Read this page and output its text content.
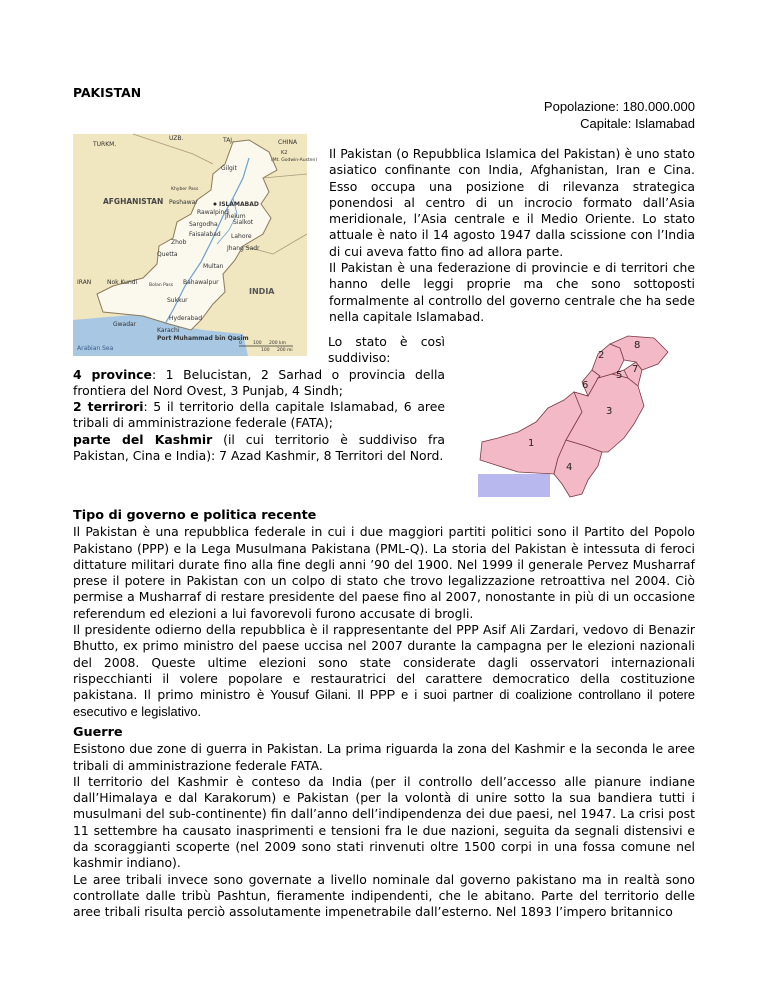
PAKISTAN
Popolazione: 180.000.000
Capitale: Islamabad
TURKM.
UZB.	TAJ.	CHINA
K2
(Mt. Godwin-Austen)
AFGHANISTAN
IRAN
INDIA
Arabian Sea
Gilgit
Khyber Pass
Peshawar	ISLAMABAD
Rawalpindi
Jhelum
Sialkot
Sargodha
Lahore
Faisalabad
Zhob
Quetta
Jhang Sadr
Multan
Nok Kundi	Bolan Pass Bahawalpur
Sukkur
Gwadar
Hyderabad
Karachi
Port Muhammad bin Qasim
0 100 200 km
100 200 mi
Il Pakistan (o Repubblica Islamica del Pakistan) è uno stato asiatico confinante con India, Afghanistan, Iran e Cina. Esso occupa una posizione di rilevanza strategica ponendosi al centro di un incrocio formato dall’Asia meridionale, l’Asia centrale e il Medio Oriente. Lo stato attuale è nato il 14 agosto 1947 dalla scissione con l’India di cui aveva fatto fino ad allora parte.
Il Pakistan è una federazione di provincie e di territori che hanno delle leggi proprie ma che sono sottoposti formalmente al controllo del governo centrale che ha sede nella capitale Islamabad.
Lo stato è così
suddiviso:
4 province: 1 Belucistan, 2 Sarhad o provincia della frontiera del Nord Ovest, 3 Punjab, 4 Sindh;
2 terrirori: 5 il territorio della capitale Islamabad, 6 aree tribali di amministrazione federale (FATA);
parte del Kashmir (il cui territorio è suddiviso fra Pakistan, Cina e India): 7 Azad Kashmir, 8 Territori del Nord.
1
2
3
4
5
6
7
8

Tipo di governo e politica recente

Il Pakistan è una repubblica federale in cui i due maggiori partiti politici sono il Partito del Popolo Pakistano (PPP) e la Lega Musulmana Pakistana (PML-Q). La storia del Pakistan è intessuta di feroci dittature militari durate fino alla fine degli anni ’90 del 1900. Nel 1999 il generale Pervez Musharraf prese il potere in Pakistan con un colpo di stato che trovo legalizzazione retroattiva nel 2004. Ciò permise a Musharraf di restare presidente del paese fino al 2007, nonostante in più di un occasione referendum ed elezioni a lui favorevoli furono accusate di brogli.

Il presidente odierno della repubblica è il rappresentante del PPP Asif Ali Zardari, vedovo di Benazir Bhutto, ex primo ministro del paese uccisa nel 2007 durante la campagna per le elezioni nazionali del 2008. Queste ultime elezioni sono state considerate dagli osservatori internazionali rispecchianti il volere popolare e restauratrici del carattere democratico della costituzione pakistana. Il primo ministro è Yousuf Gilani. Il PPP e i suoi partner di coalizione controllano il potere esecutivo e legislativo.

Guerre

Esistono due zone di guerra in Pakistan. La prima riguarda la zona del Kashmir e la seconda le aree tribali di amministrazione federale FATA.

Il territorio del Kashmir è conteso da India (per il controllo dell’accesso alle pianure indiane dall’Himalaya e dal Karakorum) e Pakistan (per la volontà di unire sotto la sua bandiera tutti i musulmani del sub-continente) fin dall’anno dell’indipendenza dei due paesi, nel 1947. La crisi post 11 settembre ha causato inasprimenti e tensioni fra le due nazioni, seguita da segnali distensivi e da scoraggianti scoperte (nel 2009 sono stati rinvenuti oltre 1500 corpi in una fossa comune nel kashmir indiano).

Le aree tribali invece sono governate a livello nominale dal governo pakistano ma in realtà sono controllate dalle tribù Pashtun, fieramente indipendenti, che le abitano. Parte del territorio delle aree tribali risulta perciò assolutamente impenetrabile dall’esterno. Nel 1893 l’impero britannico
